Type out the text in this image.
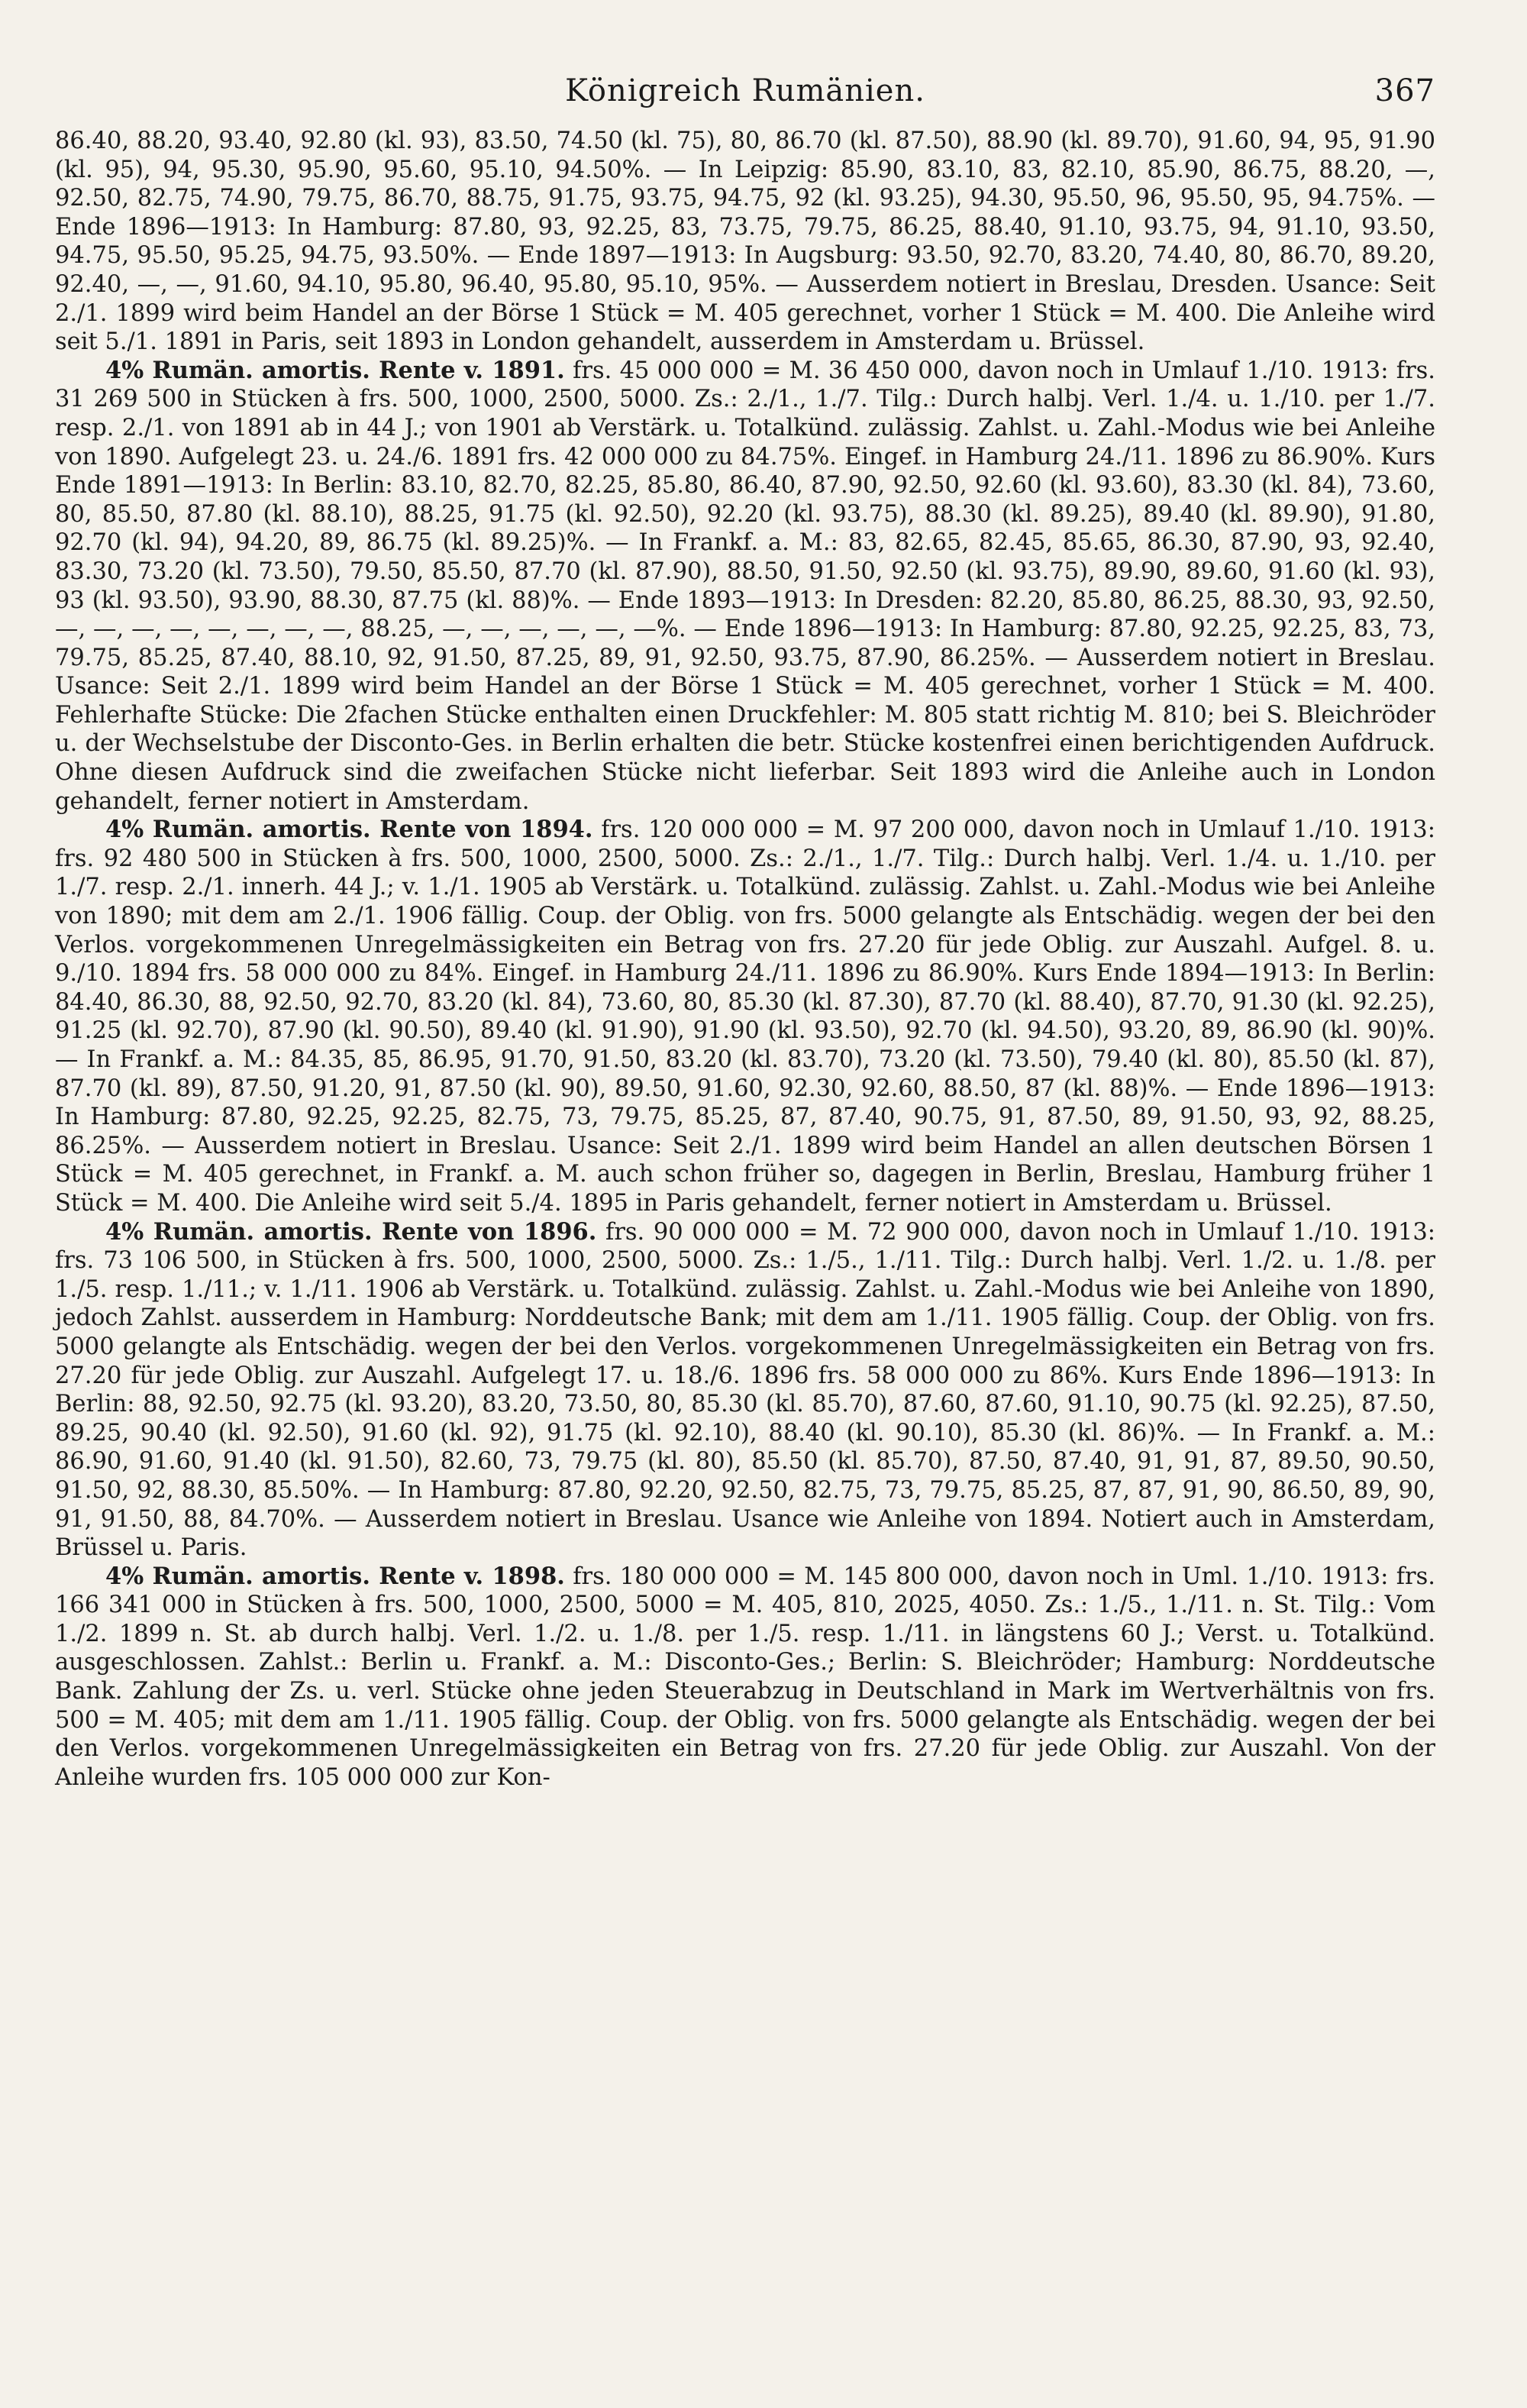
Königreich Rumänien.	367

86.40, 88.20, 93.40, 92.80 (kl. 93), 83.50, 74.50 (kl. 75), 80, 86.70 (kl. 87.50), 88.90 (kl. 89.70), 91.60, 94, 95, 91.90 (kl. 95), 94, 95.30, 95.90, 95.60, 95.10, 94.50%. — In Leipzig: 85.90, 83.10, 83, 82.10, 85.90, 86.75, 88.20, —, 92.50, 82.75, 74.90, 79.75, 86.70, 88.75, 91.75, 93.75, 94.75, 92 (kl. 93.25), 94.30, 95.50, 96, 95.50, 95, 94.75%. — Ende 1896—1913: In Hamburg: 87.80, 93, 92.25, 83, 73.75, 79.75, 86.25, 88.40, 91.10, 93.75, 94, 91.10, 93.50, 94.75, 95.50, 95.25, 94.75, 93.50%. — Ende 1897—1913: In Augsburg: 93.50, 92.70, 83.20, 74.40, 80, 86.70, 89.20, 92.40, —, —, 91.60, 94.10, 95.80, 96.40, 95.80, 95.10, 95%. — Ausserdem notiert in Breslau, Dresden. Usance: Seit 2./1. 1899 wird beim Handel an der Börse 1 Stück = M. 405 gerechnet, vorher 1 Stück = M. 400. Die Anleihe wird seit 5./1. 1891 in Paris, seit 1893 in London gehandelt, ausserdem in Amsterdam u. Brüssel.

4% Rumän. amortis. Rente v. 1891. frs. 45 000 000 = M. 36 450 000, davon noch in Umlauf 1./10. 1913: frs. 31 269 500 in Stücken à frs. 500, 1000, 2500, 5000. Zs.: 2./1., 1./7. Tilg.: Durch halbj. Verl. 1./4. u. 1./10. per 1./7. resp. 2./1. von 1891 ab in 44 J.; von 1901 ab Verstärk. u. Totalkünd. zulässig. Zahlst. u. Zahl.-Modus wie bei Anleihe von 1890. Aufgelegt 23. u. 24./6. 1891 frs. 42 000 000 zu 84.75%. Eingef. in Hamburg 24./11. 1896 zu 86.90%. Kurs Ende 1891—1913: In Berlin: 83.10, 82.70, 82.25, 85.80, 86.40, 87.90, 92.50, 92.60 (kl. 93.60), 83.30 (kl. 84), 73.60, 80, 85.50, 87.80 (kl. 88.10), 88.25, 91.75 (kl. 92.50), 92.20 (kl. 93.75), 88.30 (kl. 89.25), 89.40 (kl. 89.90), 91.80, 92.70 (kl. 94), 94.20, 89, 86.75 (kl. 89.25)%. — In Frankf. a. M.: 83, 82.65, 82.45, 85.65, 86.30, 87.90, 93, 92.40, 83.30, 73.20 (kl. 73.50), 79.50, 85.50, 87.70 (kl. 87.90), 88.50, 91.50, 92.50 (kl. 93.75), 89.90, 89.60, 91.60 (kl. 93), 93 (kl. 93.50), 93.90, 88.30, 87.75 (kl. 88)%. — Ende 1893—1913: In Dresden: 82.20, 85.80, 86.25, 88.30, 93, 92.50, —, —, —, —, —, —, —, —, 88.25, —, —, —, —, —, —%. — Ende 1896—1913: In Hamburg: 87.80, 92.25, 92.25, 83, 73, 79.75, 85.25, 87.40, 88.10, 92, 91.50, 87.25, 89, 91, 92.50, 93.75, 87.90, 86.25%. — Ausserdem notiert in Breslau. Usance: Seit 2./1. 1899 wird beim Handel an der Börse 1 Stück = M. 405 gerechnet, vorher 1 Stück = M. 400. Fehlerhafte Stücke: Die 2fachen Stücke enthalten einen Druckfehler: M. 805 statt richtig M. 810; bei S. Bleichröder u. der Wechselstube der Disconto-Ges. in Berlin erhalten die betr. Stücke kostenfrei einen berichtigenden Aufdruck. Ohne diesen Aufdruck sind die zweifachen Stücke nicht lieferbar. Seit 1893 wird die Anleihe auch in London gehandelt, ferner notiert in Amsterdam.

4% Rumän. amortis. Rente von 1894. frs. 120 000 000 = M. 97 200 000, davon noch in Umlauf 1./10. 1913: frs. 92 480 500 in Stücken à frs. 500, 1000, 2500, 5000. Zs.: 2./1., 1./7. Tilg.: Durch halbj. Verl. 1./4. u. 1./10. per 1./7. resp. 2./1. innerh. 44 J.; v. 1./1. 1905 ab Verstärk. u. Totalkünd. zulässig. Zahlst. u. Zahl.-Modus wie bei Anleihe von 1890; mit dem am 2./1. 1906 fällig. Coup. der Oblig. von frs. 5000 gelangte als Entschädig. wegen der bei den Verlos. vorgekommenen Unregelmässigkeiten ein Betrag von frs. 27.20 für jede Oblig. zur Auszahl. Aufgel. 8. u. 9./10. 1894 frs. 58 000 000 zu 84%. Eingef. in Hamburg 24./11. 1896 zu 86.90%. Kurs Ende 1894—1913: In Berlin: 84.40, 86.30, 88, 92.50, 92.70, 83.20 (kl. 84), 73.60, 80, 85.30 (kl. 87.30), 87.70 (kl. 88.40), 87.70, 91.30 (kl. 92.25), 91.25 (kl. 92.70), 87.90 (kl. 90.50), 89.40 (kl. 91.90), 91.90 (kl. 93.50), 92.70 (kl. 94.50), 93.20, 89, 86.90 (kl. 90)%. — In Frankf. a. M.: 84.35, 85, 86.95, 91.70, 91.50, 83.20 (kl. 83.70), 73.20 (kl. 73.50), 79.40 (kl. 80), 85.50 (kl. 87), 87.70 (kl. 89), 87.50, 91.20, 91, 87.50 (kl. 90), 89.50, 91.60, 92.30, 92.60, 88.50, 87 (kl. 88)%. — Ende 1896—1913: In Hamburg: 87.80, 92.25, 92.25, 82.75, 73, 79.75, 85.25, 87, 87.40, 90.75, 91, 87.50, 89, 91.50, 93, 92, 88.25, 86.25%. — Ausserdem notiert in Breslau. Usance: Seit 2./1. 1899 wird beim Handel an allen deutschen Börsen 1 Stück = M. 405 gerechnet, in Frankf. a. M. auch schon früher so, dagegen in Berlin, Breslau, Hamburg früher 1 Stück = M. 400. Die Anleihe wird seit 5./4. 1895 in Paris gehandelt, ferner notiert in Amsterdam u. Brüssel.

4% Rumän. amortis. Rente von 1896. frs. 90 000 000 = M. 72 900 000, davon noch in Umlauf 1./10. 1913: frs. 73 106 500, in Stücken à frs. 500, 1000, 2500, 5000. Zs.: 1./5., 1./11. Tilg.: Durch halbj. Verl. 1./2. u. 1./8. per 1./5. resp. 1./11.; v. 1./11. 1906 ab Verstärk. u. Totalkünd. zulässig. Zahlst. u. Zahl.-Modus wie bei Anleihe von 1890, jedoch Zahlst. ausserdem in Hamburg: Norddeutsche Bank; mit dem am 1./11. 1905 fällig. Coup. der Oblig. von frs. 5000 gelangte als Entschädig. wegen der bei den Verlos. vorgekommenen Unregelmässigkeiten ein Betrag von frs. 27.20 für jede Oblig. zur Auszahl. Aufgelegt 17. u. 18./6. 1896 frs. 58 000 000 zu 86%. Kurs Ende 1896—1913: In Berlin: 88, 92.50, 92.75 (kl. 93.20), 83.20, 73.50, 80, 85.30 (kl. 85.70), 87.60, 87.60, 91.10, 90.75 (kl. 92.25), 87.50, 89.25, 90.40 (kl. 92.50), 91.60 (kl. 92), 91.75 (kl. 92.10), 88.40 (kl. 90.10), 85.30 (kl. 86)%. — In Frankf. a. M.: 86.90, 91.60, 91.40 (kl. 91.50), 82.60, 73, 79.75 (kl. 80), 85.50 (kl. 85.70), 87.50, 87.40, 91, 91, 87, 89.50, 90.50, 91.50, 92, 88.30, 85.50%. — In Hamburg: 87.80, 92.20, 92.50, 82.75, 73, 79.75, 85.25, 87, 87, 91, 90, 86.50, 89, 90, 91, 91.50, 88, 84.70%. — Ausserdem notiert in Breslau. Usance wie Anleihe von 1894. Notiert auch in Amsterdam, Brüssel u. Paris.

4% Rumän. amortis. Rente v. 1898. frs. 180 000 000 = M. 145 800 000, davon noch in Uml. 1./10. 1913: frs. 166 341 000 in Stücken à frs. 500, 1000, 2500, 5000 = M. 405, 810, 2025, 4050. Zs.: 1./5., 1./11. n. St. Tilg.: Vom 1./2. 1899 n. St. ab durch halbj. Verl. 1./2. u. 1./8. per 1./5. resp. 1./11. in längstens 60 J.; Verst. u. Totalkünd. ausgeschlossen. Zahlst.: Berlin u. Frankf. a. M.: Disconto-Ges.; Berlin: S. Bleichröder; Hamburg: Norddeutsche Bank. Zahlung der Zs. u. verl. Stücke ohne jeden Steuerabzug in Deutschland in Mark im Wertverhältnis von frs. 500 = M. 405; mit dem am 1./11. 1905 fällig. Coup. der Oblig. von frs. 5000 gelangte als Entschädig. wegen der bei den Verlos. vorgekommenen Unregelmässigkeiten ein Betrag von frs. 27.20 für jede Oblig. zur Auszahl. Von der Anleihe wurden frs. 105 000 000 zur Kon-
